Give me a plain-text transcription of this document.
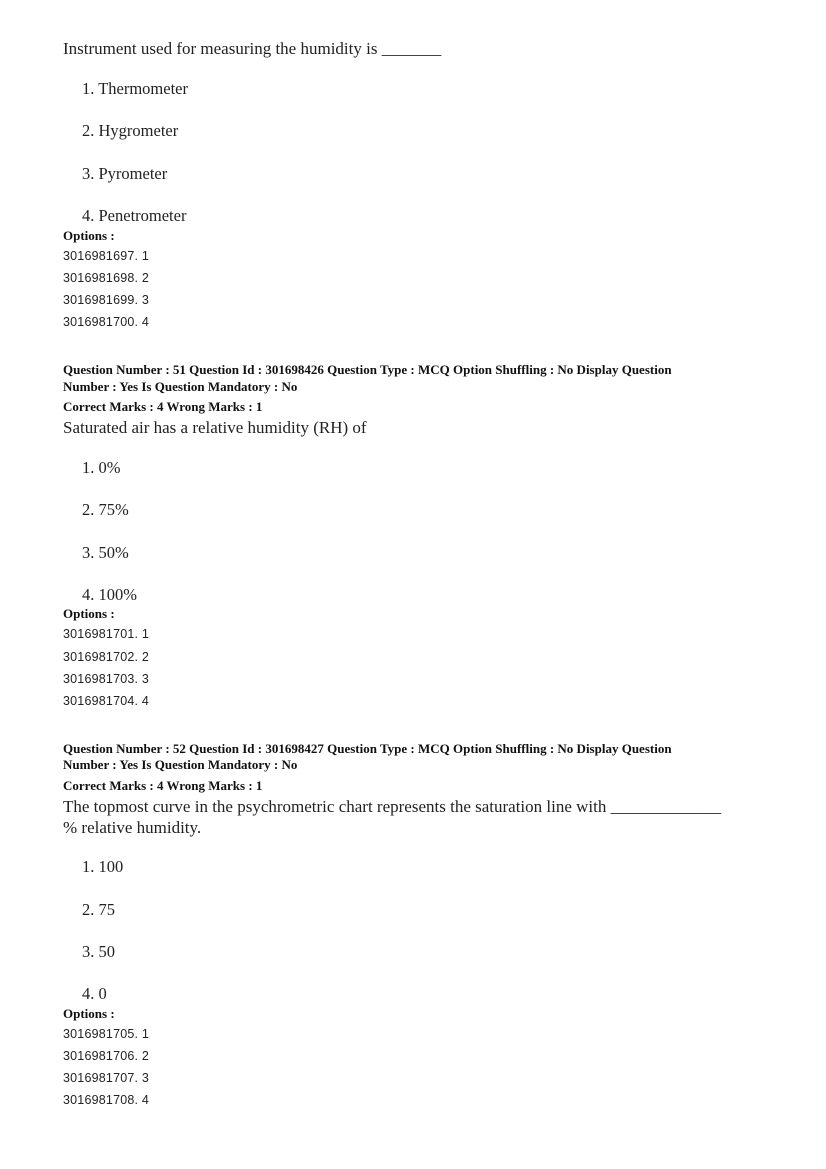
Instrument used for measuring the humidity is _______
1. Thermometer
2. Hygrometer
3. Pyrometer
4. Penetrometer
Options :
3016981697. 1
3016981698. 2
3016981699. 3
3016981700. 4
Question Number : 51 Question Id : 301698426 Question Type : MCQ Option Shuffling : No Display Question
Number : Yes Is Question Mandatory : No
Correct Marks : 4 Wrong Marks : 1
Saturated air has a relative humidity (RH) of
1. 0%
2. 75%
3. 50%
4. 100%
Options :
3016981701. 1
3016981702. 2
3016981703. 3
3016981704. 4
Question Number : 52 Question Id : 301698427 Question Type : MCQ Option Shuffling : No Display Question
Number : Yes Is Question Mandatory : No
Correct Marks : 4 Wrong Marks : 1
The topmost curve in the psychrometric chart represents the saturation line with _____________
% relative humidity.
1. 100
2. 75
3. 50
4. 0
Options :
3016981705. 1
3016981706. 2
3016981707. 3
3016981708. 4
